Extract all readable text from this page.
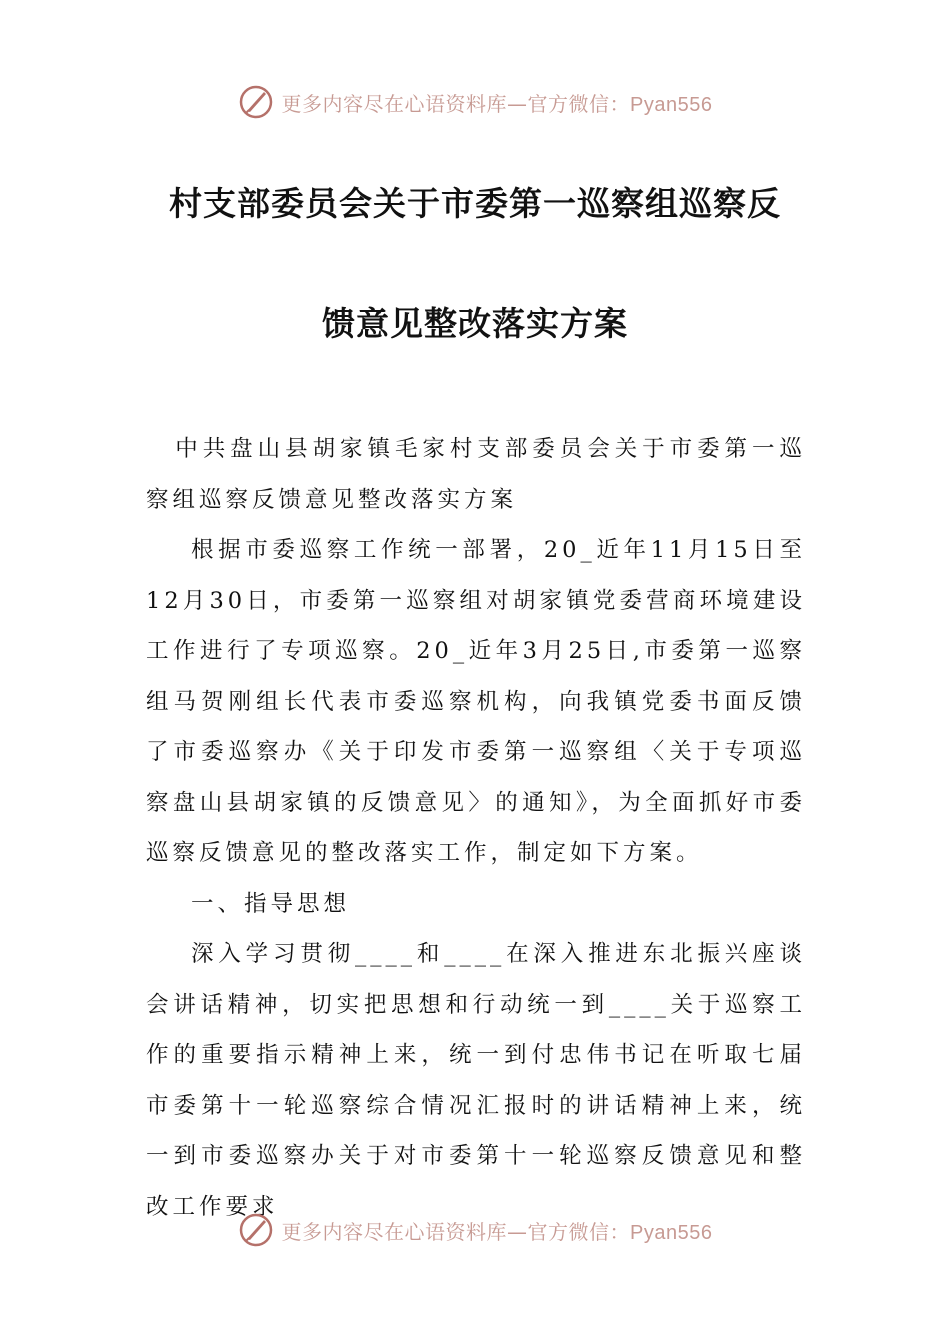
更多内容尽在心语资料库—官方微信：Pyan556
村支部委员会关于市委第一巡察组巡察反
馈意见整改落实方案

中共盘山县胡家镇毛家村支部委员会关于市委第一巡察组巡察反馈意见整改落实方案

根据市委巡察工作统一部署，20_近年11月15日至12月30日，市委第一巡察组对胡家镇党委营商环境建设工作进行了专项巡察。20_近年3月25日,市委第一巡察组马贺刚组长代表市委巡察机构，向我镇党委书面反馈了市委巡察办《关于印发市委第一巡察组〈关于专项巡察盘山县胡家镇的反馈意见〉的通知》，为全面抓好市委巡察反馈意见的整改落实工作，制定如下方案。

一、指导思想

深入学习贯彻____和____在深入推进东北振兴座谈会讲话精神，切实把思想和行动统一到____关于巡察工作的重要指示精神上来，统一到付忠伟书记在听取七届市委第十一轮巡察综合情况汇报时的讲话精神上来，统一到市委巡察办关于对市委第十一轮巡察反馈意见和整改工作要求

更多内容尽在心语资料库—官方微信：Pyan556
